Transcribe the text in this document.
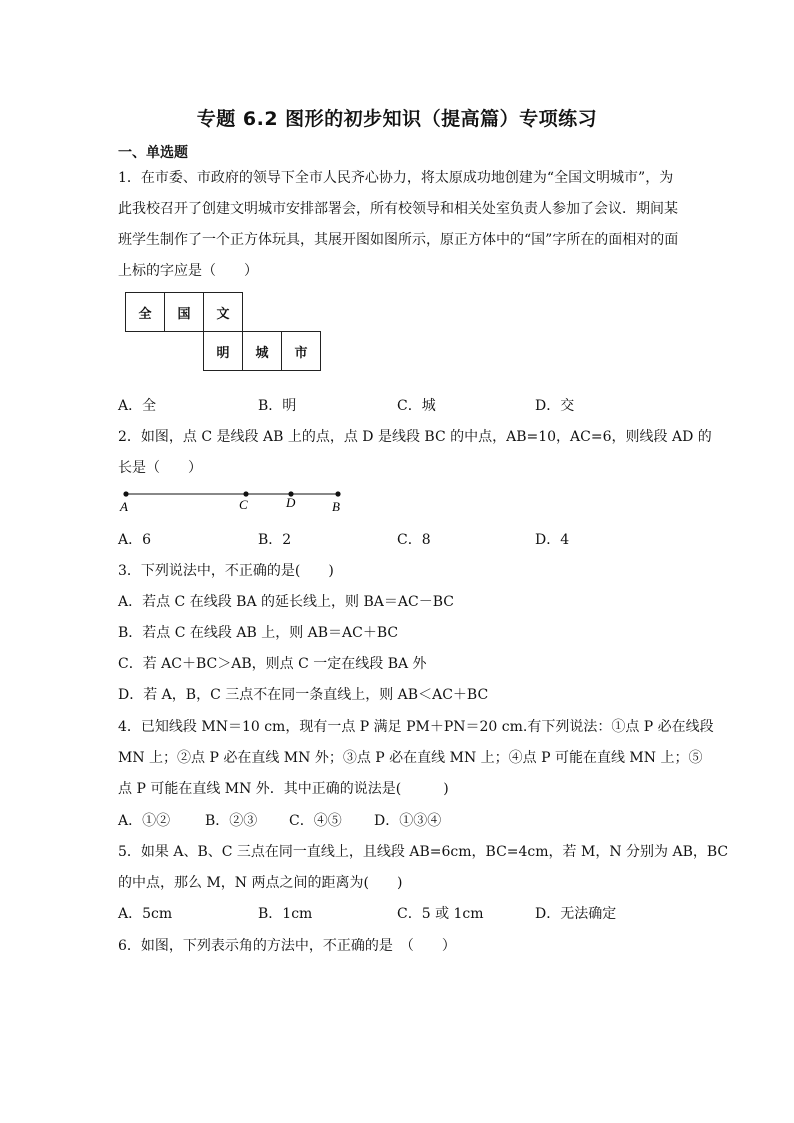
专题 6.2 图形的初步知识（提高篇）专项练习
一、单选题
1．在市委、市政府的领导下全市人民齐心协力，将太原成功地创建为“全国文明城市”，为
此我校召开了创建文明城市安排部署会，所有校领导和相关处室负责人参加了会议．期间某
班学生制作了一个正方体玩具，其展开图如图所示，原正方体中的“国”字所在的面相对的面
上标的字应是（　　）
全	国	文
明	城	市
A．全	B．明	C．城	D．交
2．如图，点 C 是线段 AB 上的点，点 D 是线段 BC 的中点，AB=10，AC=6，则线段 AD 的
长是（　　）
A	C	D	B
A．6	B．2	C．8	D．4
3．下列说法中，不正确的是(　　)
A．若点 C 在线段 BA 的延长线上，则 BA＝AC－BC
B．若点 C 在线段 AB 上，则 AB＝AC＋BC
C．若 AC＋BC＞AB，则点 C 一定在线段 BA 外
D．若 A，B，C 三点不在同一条直线上，则 AB＜AC＋BC
4．已知线段 MN＝10 cm，现有一点 P 满足 PM＋PN＝20 cm.有下列说法：①点 P 必在线段
MN 上；②点 P 必在直线 MN 外；③点 P 必在直线 MN 上；④点 P 可能在直线 MN 上；⑤
点 P 可能在直线 MN 外．其中正确的说法是(　　　)
A．①② B．②③ C．④⑤ D．①③④
5．如果 A、B、C 三点在同一直线上，且线段 AB=6cm，BC=4cm，若 M，N 分别为 AB，BC
的中点，那么 M，N 两点之间的距离为(　　)
A．5cm	B．1cm	C．5 或 1cm	D．无法确定
6．如图，下列表示角的方法中，不正确的是　（　　）
